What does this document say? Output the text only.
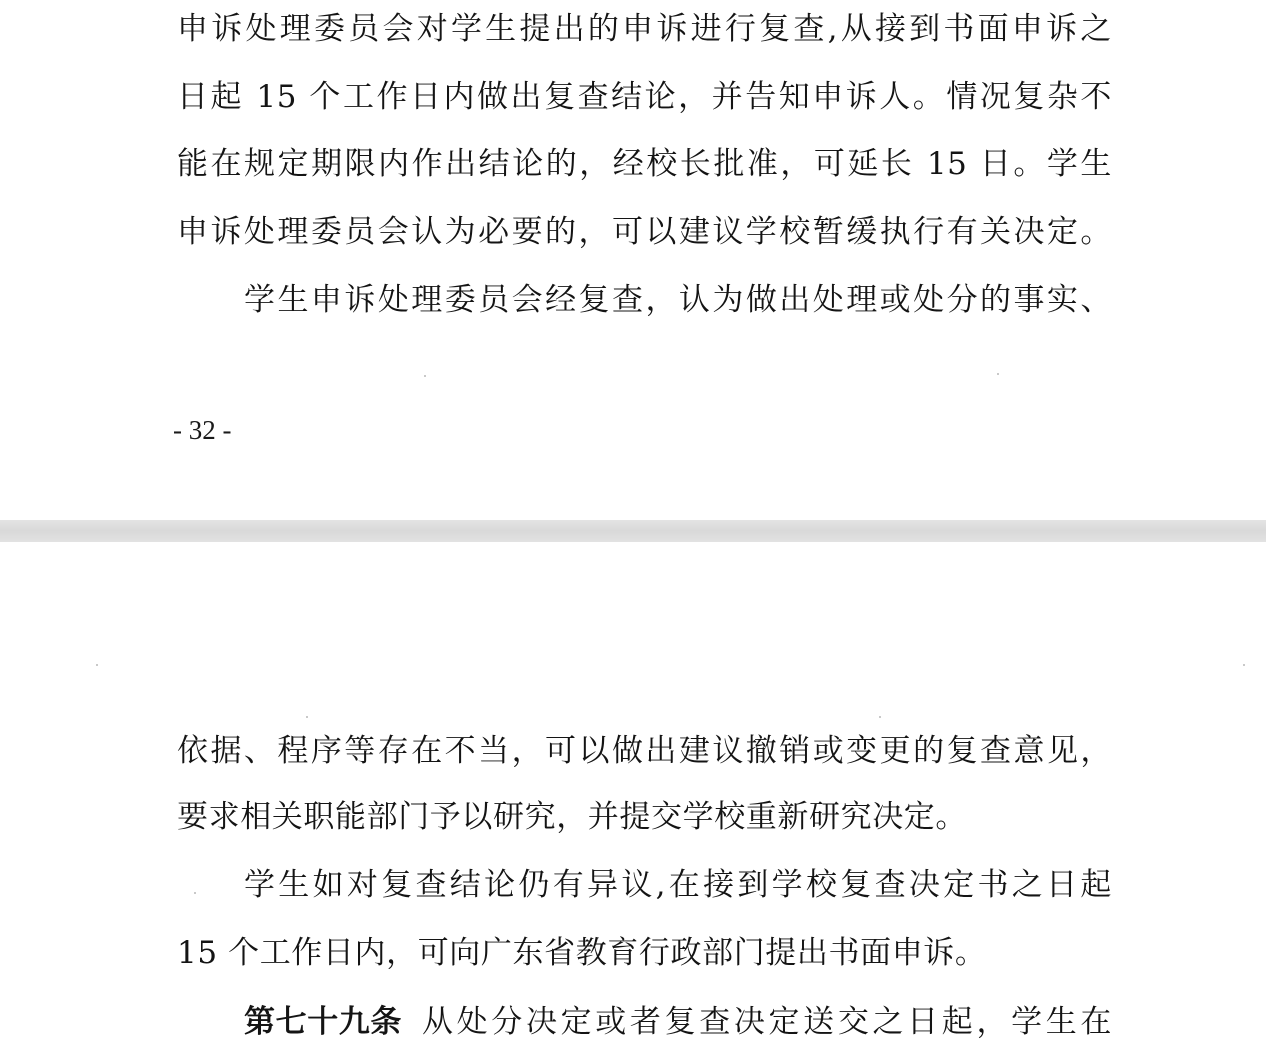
申诉处理委员会对学生提出的申诉进行复查,从接到书面申诉之
日起 15 个工作日内做出复查结论，并告知申诉人。情况复杂不
能在规定期限内作出结论的，经校长批准，可延长 15 日。学生
申诉处理委员会认为必要的，可以建议学校暂缓执行有关决定。
学生申诉处理委员会经复查，认为做出处理或处分的事实、
- 32 -
依据、程序等存在不当，可以做出建议撤销或变更的复查意见，
要求相关职能部门予以研究，并提交学校重新研究决定。
学生如对复查结论仍有异议,在接到学校复查决定书之日起
15 个工作日内，可向广东省教育行政部门提出书面申诉。
第七十九条 从处分决定或者复查决定送交之日起，学生在
